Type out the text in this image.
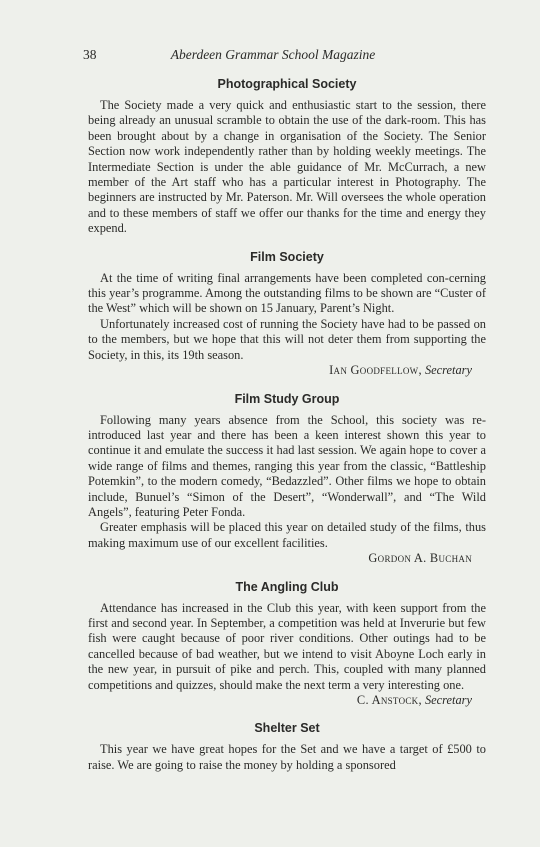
38	Aberdeen Grammar School Magazine
Photographical Society

The Society made a very quick and enthusiastic start to the session, there being already an unusual scramble to obtain the use of the dark-room. This has been brought about by a change in organisation of the Society. The Senior Section now work independently rather than by holding weekly meetings. The Intermediate Section is under the able guidance of Mr. McCurrach, a new member of the Art staff who has a particular interest in Photography. The beginners are instructed by Mr. Paterson. Mr. Will oversees the whole operation and to these members of staff we offer our thanks for the time and energy they expend.

Film Society

At the time of writing final arrangements have been completed con-cerning this year’s programme. Among the outstanding films to be shown are “Custer of the West” which will be shown on 15 January, Parent’s Night.

Unfortunately increased cost of running the Society have had to be passed on to the members, but we hope that this will not deter them from supporting the Society, in this, its 19th season.

Ian Goodfellow, Secretary
Film Study Group

Following many years absence from the School, this society was re-introduced last year and there has been a keen interest shown this year to continue it and emulate the success it had last session. We again hope to cover a wide range of films and themes, ranging this year from the classic, “Battleship Potemkin”, to the modern comedy, “Bedazzled”. Other films we hope to obtain include, Bunuel’s “Simon of the Desert”, “Wonderwall”, and “The Wild Angels”, featuring Peter Fonda.

Greater emphasis will be placed this year on detailed study of the films, thus making maximum use of our excellent facilities.

Gordon A. Buchan
The Angling Club

Attendance has increased in the Club this year, with keen support from the first and second year. In September, a competition was held at Inverurie but few fish were caught because of poor river conditions. Other outings had to be cancelled because of bad weather, but we intend to visit Aboyne Loch early in the new year, in pursuit of pike and perch. This, coupled with many planned competitions and quizzes, should make the next term a very interesting one.

C. Anstock, Secretary
Shelter Set

This year we have great hopes for the Set and we have a target of £500 to raise. We are going to raise the money by holding a sponsored
